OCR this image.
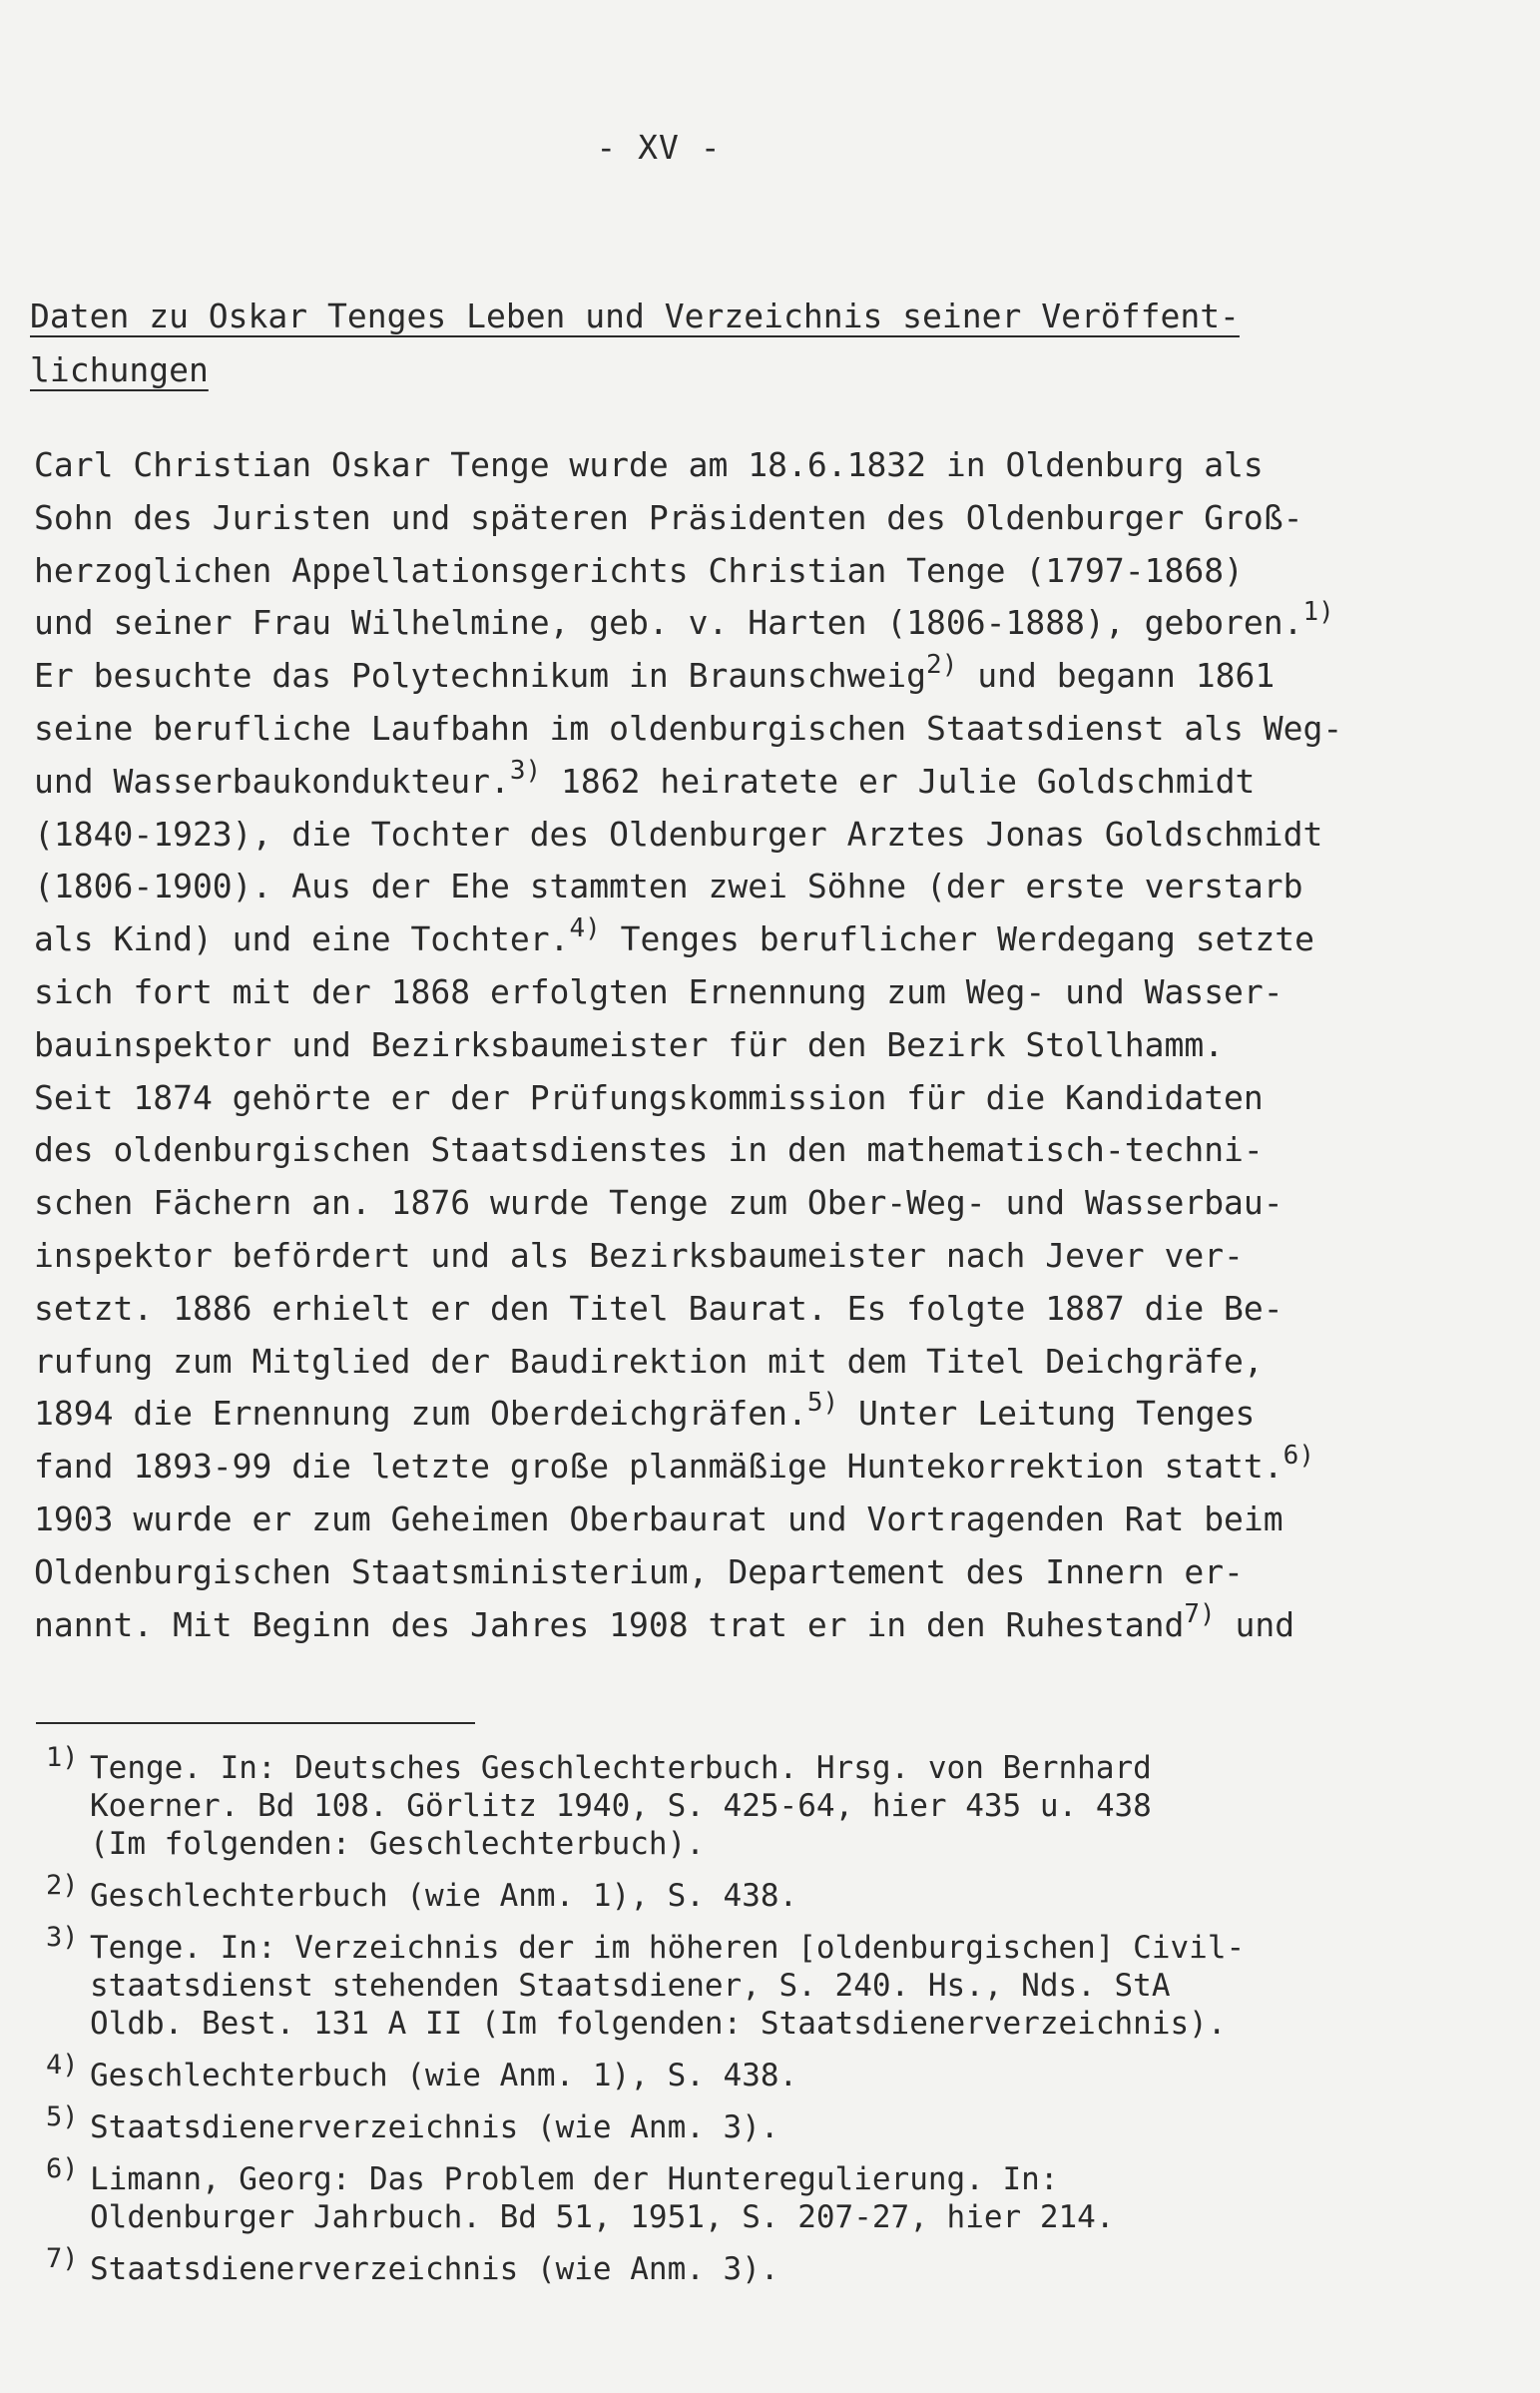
- XV -
Daten zu Oskar Tenges Leben und Verzeichnis seiner Veröffent-
lichungen
Carl Christian Oskar Tenge wurde am 18.6.1832 in Oldenburg als
Sohn des Juristen und späteren Präsidenten des Oldenburger Groß-
herzoglichen Appellationsgerichts Christian Tenge (1797-1868)
und seiner Frau Wilhelmine, geb. v. Harten (1806-1888), geboren.$^{1)}$
Er besuchte das Polytechnikum in Braunschweig$^{2)}$ und begann 1861
seine berufliche Laufbahn im oldenburgischen Staatsdienst als Weg-
und Wasserbaukondukteur.$^{3)}$ 1862 heiratete er Julie Goldschmidt
(1840-1923), die Tochter des Oldenburger Arztes Jonas Goldschmidt
(1806-1900). Aus der Ehe stammten zwei Söhne (der erste verstarb
als Kind) und eine Tochter.$^{4)}$ Tenges beruflicher Werdegang setzte
sich fort mit der 1868 erfolgten Ernennung zum Weg- und Wasser-
bauinspektor und Bezirksbaumeister für den Bezirk Stollhamm.
Seit 1874 gehörte er der Prüfungskommission für die Kandidaten
des oldenburgischen Staatsdienstes in den mathematisch-techni-
schen Fächern an. 1876 wurde Tenge zum Ober-Weg- und Wasserbau-
inspektor befördert und als Bezirksbaumeister nach Jever ver-
setzt. 1886 erhielt er den Titel Baurat. Es folgte 1887 die Be-
rufung zum Mitglied der Baudirektion mit dem Titel Deichgräfe,
1894 die Ernennung zum Oberdeichgräfen.$^{5)}$ Unter Leitung Tenges
fand 1893-99 die letzte große planmäßige Huntekorrektion statt.$^{6)}$
1903 wurde er zum Geheimen Oberbaurat und Vortragenden Rat beim
Oldenburgischen Staatsministerium, Departement des Innern er-
nannt. Mit Beginn des Jahres 1908 trat er in den Ruhestand$^{7)}$ und
1) Tenge. In: Deutsches Geschlechterbuch. Hrsg. von Bernhard
Koerner. Bd 108. Görlitz 1940, S. 425-64, hier 435 u. 438
(Im folgenden: Geschlechterbuch).
2) Geschlechterbuch (wie Anm. 1), S. 438.
3) Tenge. In: Verzeichnis der im höheren [oldenburgischen] Civil-
staatsdienst stehenden Staatsdiener, S. 240. Hs., Nds. StA
Oldb. Best. 131 A II (Im folgenden: Staatsdienerverzeichnis).
4) Geschlechterbuch (wie Anm. 1), S. 438.
5) Staatsdienerverzeichnis (wie Anm. 3).
6) Limann, Georg: Das Problem der Hunteregulierung. In:
Oldenburger Jahrbuch. Bd 51, 1951, S. 207-27, hier 214.
7) Staatsdienerverzeichnis (wie Anm. 3).
